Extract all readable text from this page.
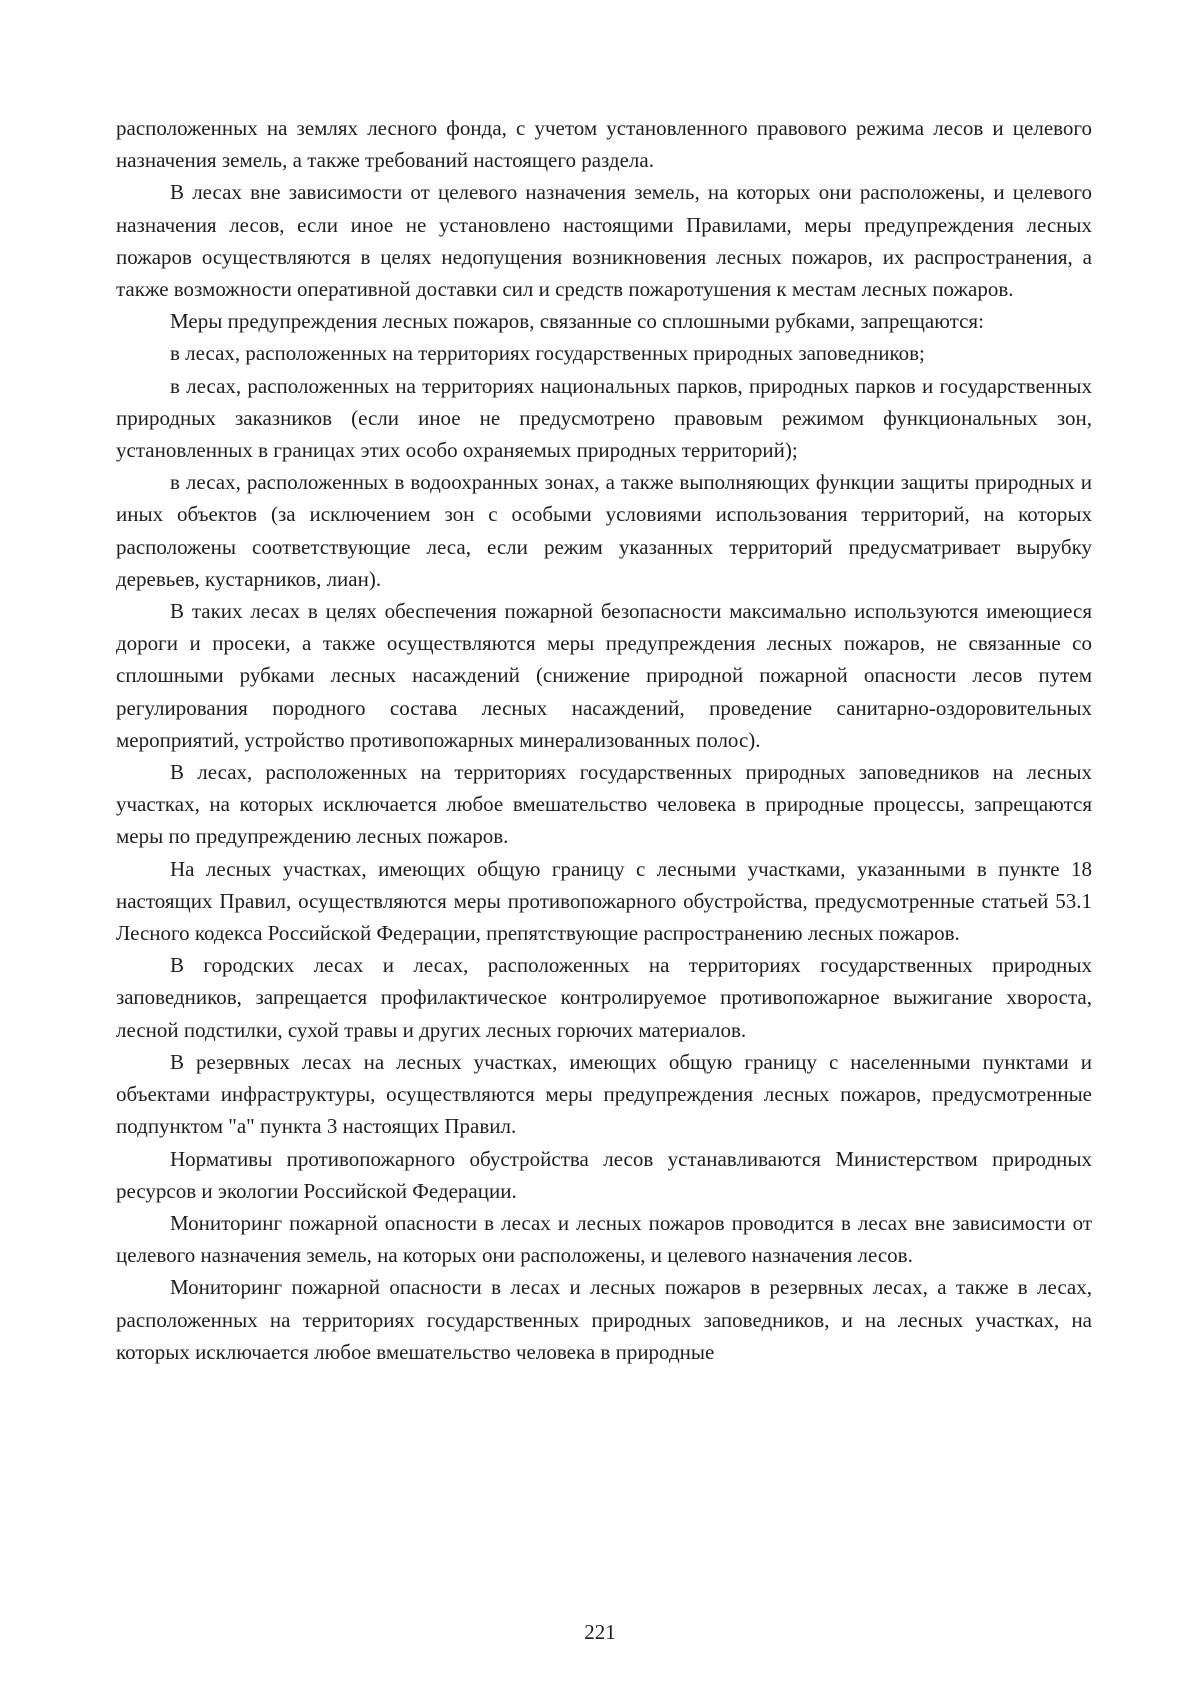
расположенных на землях лесного фонда, с учетом установленного правового режима лесов и целевого назначения земель, а также требований настоящего раздела.

В лесах вне зависимости от целевого назначения земель, на которых они расположены, и целевого назначения лесов, если иное не установлено настоящими Правилами, меры предупреждения лесных пожаров осуществляются в целях недопущения возникновения лесных пожаров, их распространения, а также возможности оперативной доставки сил и средств пожаротушения к местам лесных пожаров.

Меры предупреждения лесных пожаров, связанные со сплошными рубками, запрещаются:

в лесах, расположенных на территориях государственных природных заповедников;

в лесах, расположенных на территориях национальных парков, природных парков и государственных природных заказников (если иное не предусмотрено правовым режимом функциональных зон, установленных в границах этих особо охраняемых природных территорий);

в лесах, расположенных в водоохранных зонах, а также выполняющих функции защиты природных и иных объектов (за исключением зон с особыми условиями использования территорий, на которых расположены соответствующие леса, если режим указанных территорий предусматривает вырубку деревьев, кустарников, лиан).

В таких лесах в целях обеспечения пожарной безопасности максимально используются имеющиеся дороги и просеки, а также осуществляются меры предупреждения лесных пожаров, не связанные со сплошными рубками лесных насаждений (снижение природной пожарной опасности лесов путем регулирования породного состава лесных насаждений, проведение санитарно-оздоровительных мероприятий, устройство противопожарных минерализованных полос).

В лесах, расположенных на территориях государственных природных заповедников на лесных участках, на которых исключается любое вмешательство человека в природные процессы, запрещаются меры по предупреждению лесных пожаров.

На лесных участках, имеющих общую границу с лесными участками, указанными в пункте 18 настоящих Правил, осуществляются меры противопожарного обустройства, предусмотренные статьей 53.1 Лесного кодекса Российской Федерации, препятствующие распространению лесных пожаров.

В городских лесах и лесах, расположенных на территориях государственных природных заповедников, запрещается профилактическое контролируемое противопожарное выжигание хвороста, лесной подстилки, сухой травы и других лесных горючих материалов.

В резервных лесах на лесных участках, имеющих общую границу с населенными пунктами и объектами инфраструктуры, осуществляются меры предупреждения лесных пожаров, предусмотренные подпунктом "а" пункта 3 настоящих Правил.

Нормативы противопожарного обустройства лесов устанавливаются Министерством природных ресурсов и экологии Российской Федерации.

Мониторинг пожарной опасности в лесах и лесных пожаров проводится в лесах вне зависимости от целевого назначения земель, на которых они расположены, и целевого назначения лесов.

Мониторинг пожарной опасности в лесах и лесных пожаров в резервных лесах, а также в лесах, расположенных на территориях государственных природных заповедников, и на лесных участках, на которых исключается любое вмешательство человека в природные

221
